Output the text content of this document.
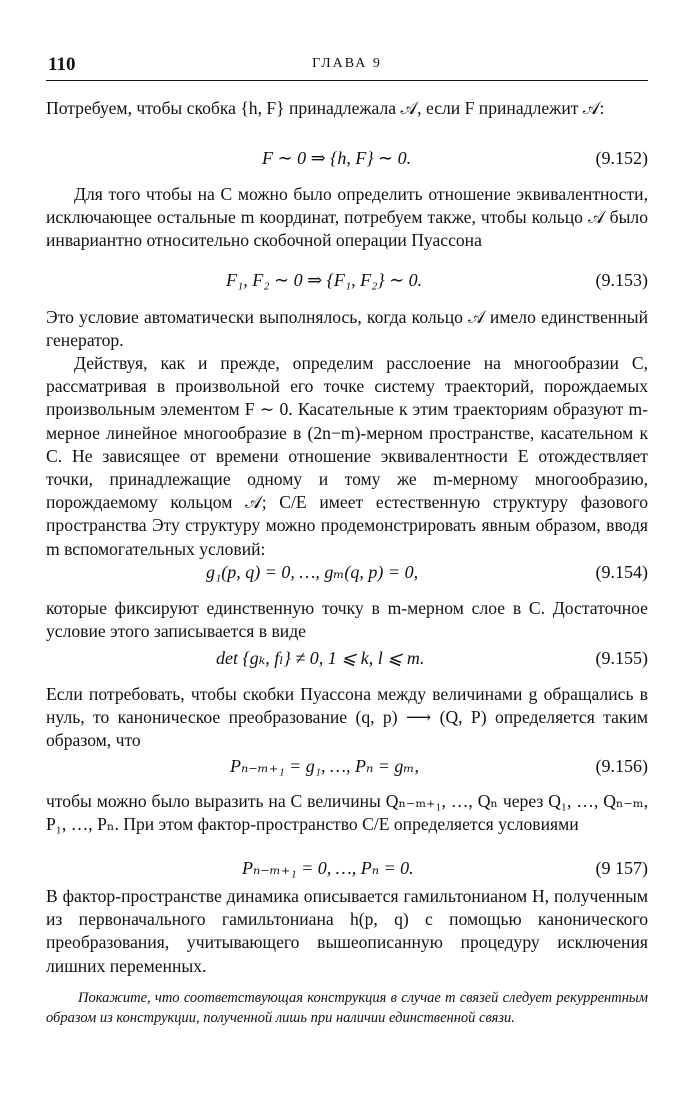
110	ГЛАВА 9

Потребуем, чтобы скобка {h, F} принадлежала 𝒜, если F принадлежит 𝒜:

F ∼ 0 ⇒ {h, F} ∼ 0.	(9.152)

Для того чтобы на C можно было определить отношение эквивалентности, исключающее остальные m координат, потребуем также, чтобы кольцо 𝒜 было инвариантно относительно скобочной операции Пуассона

F₁, F₂ ∼ 0 ⇒ {F₁, F₂} ∼ 0.	(9.153)

Это условие автоматически выполнялось, когда кольцо 𝒜 имело единственный генератор.

Действуя, как и прежде, определим расслоение на многообразии C, рассматривая в произвольной его точке систему траекторий, порождаемых произвольным элементом F ∼ 0. Касательные к этим траекториям образуют m-мерное линейное многообразие в (2n−m)-мерном пространстве, касательном к C. Не зависящее от времени отношение эквивалентности E отождествляет точки, принадлежащие одному и тому же m-мерному многообразию, порождаемому кольцом 𝒜; C/E имеет естественную структуру фазового пространства Эту структуру можно продемонстрировать явным образом, вводя m вспомогательных условий:

g₁(p, q) = 0, …, gₘ(q, p) = 0,	(9.154)

которые фиксируют единственную точку в m-мерном слое в C. Достаточное условие этого записывается в виде

det {gₖ, fₗ} ≠ 0, 1 ⩽ k, l ⩽ m.	(9.155)

Если потребовать, чтобы скобки Пуассона между величинами g обращались в нуль, то каноническое преобразование (q, p) ⟶ (Q, P) определяется таким образом, что

Pₙ₋ₘ₊₁ = g₁, …, Pₙ = gₘ,	(9.156)

чтобы можно было выразить на C величины Qₙ₋ₘ₊₁, …, Qₙ через Q₁, …, Qₙ₋ₘ, P₁, …, Pₙ. При этом фактор-пространство C/E определяется условиями

Pₙ₋ₘ₊₁ = 0, …, Pₙ = 0.	(9 157)

В фактор-пространстве динамика описывается гамильтонианом H, полученным из первоначального гамильтониана h(p, q) с помощью канонического преобразования, учитывающего вышеописанную процедуру исключения лишних переменных.

Покажите, что соответствующая конструкция в случае m связей следует рекуррентным образом из конструкции, полученной лишь при наличии единственной связи.
